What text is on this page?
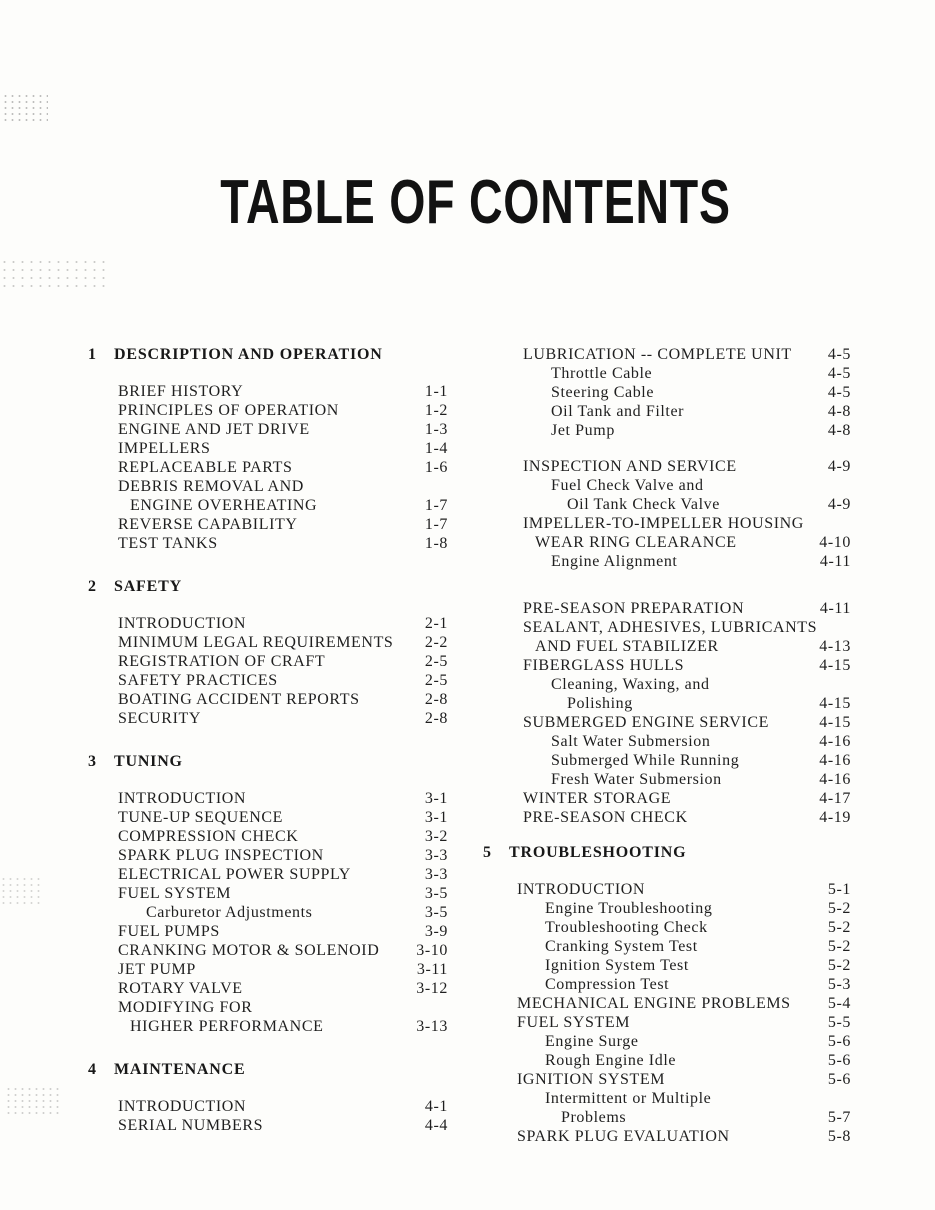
TABLE OF CONTENTS
1 DESCRIPTION AND OPERATION
BRIEF HISTORY	1-1
PRINCIPLES OF OPERATION	1-2
ENGINE AND JET DRIVE	1-3
IMPELLERS	1-4
REPLACEABLE PARTS	1-6
DEBRIS REMOVAL AND
ENGINE OVERHEATING	1-7
REVERSE CAPABILITY	1-7
TEST TANKS	1-8
2 SAFETY
INTRODUCTION	2-1
MINIMUM LEGAL REQUIREMENTS	2-2
REGISTRATION OF CRAFT	2-5
SAFETY PRACTICES	2-5
BOATING ACCIDENT REPORTS	2-8
SECURITY	2-8
3 TUNING
INTRODUCTION	3-1
TUNE-UP SEQUENCE	3-1
COMPRESSION CHECK	3-2
SPARK PLUG INSPECTION	3-3
ELECTRICAL POWER SUPPLY	3-3
FUEL SYSTEM	3-5
Carburetor Adjustments	3-5
FUEL PUMPS	3-9
CRANKING MOTOR & SOLENOID	3-10
JET PUMP	3-11
ROTARY VALVE	3-12
MODIFYING FOR
HIGHER PERFORMANCE	3-13
4 MAINTENANCE
INTRODUCTION	4-1
SERIAL NUMBERS	4-4
LUBRICATION -- COMPLETE UNIT	4-5
Throttle Cable	4-5
Steering Cable	4-5
Oil Tank and Filter	4-8
Jet Pump	4-8
INSPECTION AND SERVICE	4-9
Fuel Check Valve and
Oil Tank Check Valve	4-9
IMPELLER-TO-IMPELLER HOUSING
WEAR RING CLEARANCE	4-10
Engine Alignment	4-11
PRE-SEASON PREPARATION	4-11
SEALANT, ADHESIVES, LUBRICANTS
AND FUEL STABILIZER	4-13
FIBERGLASS HULLS	4-15
Cleaning, Waxing, and
Polishing	4-15
SUBMERGED ENGINE SERVICE	4-15
Salt Water Submersion	4-16
Submerged While Running	4-16
Fresh Water Submersion	4-16
WINTER STORAGE	4-17
PRE-SEASON CHECK	4-19
5 TROUBLESHOOTING
INTRODUCTION	5-1
Engine Troubleshooting	5-2
Troubleshooting Check	5-2
Cranking System Test	5-2
Ignition System Test	5-2
Compression Test	5-3
MECHANICAL ENGINE PROBLEMS	5-4
FUEL SYSTEM	5-5
Engine Surge	5-6
Rough Engine Idle	5-6
IGNITION SYSTEM	5-6
Intermittent or Multiple
Problems	5-7
SPARK PLUG EVALUATION	5-8
